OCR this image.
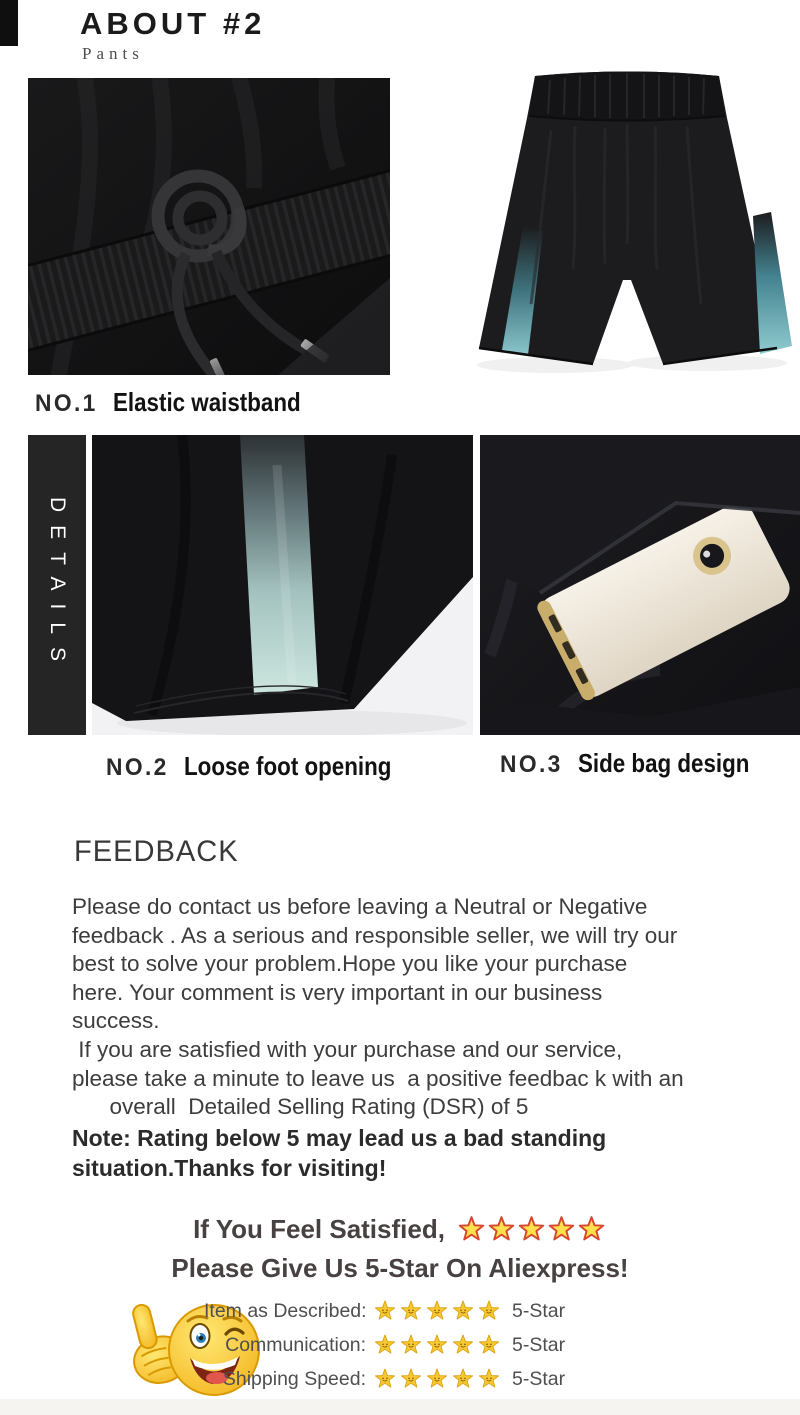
ABOUT #2
Pants
NO.1 Elastic waistband
DETAILS
NO.2 Loose foot opening	NO.3 Side bag design
FEEDBACK
Please do contact us before leaving a Neutral or Negative
feedback . As a serious and responsible seller, we will try our
best to solve your problem.Hope you like your purchase
here. Your comment is very important in our business
success.
If you are satisfied with your purchase and our service,
please take a minute to leave us  a positive feedbac k with an
overall  Detailed Selling Rating (DSR) of 5
Note: Rating below 5 may lead us a bad standing
situation.Thanks for visiting!
If You Feel Satisfied,
Please Give Us 5-Star On Aliexpress!
Item as Described:	5-Star
Communication:	5-Star
Shipping Speed:	5-Star
